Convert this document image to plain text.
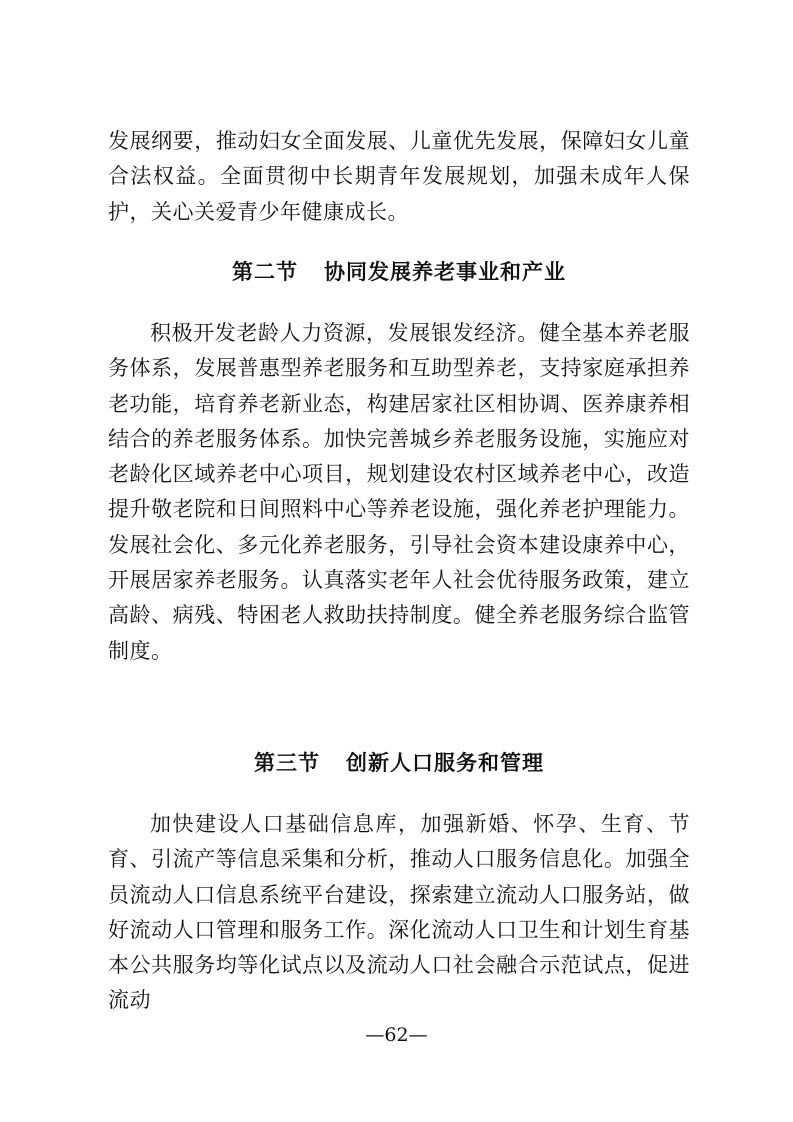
发展纲要，推动妇女全面发展、儿童优先发展，保障妇女儿童合法权益。全面贯彻中长期青年发展规划，加强未成年人保护，关心关爱青少年健康成长。

第二节 协同发展养老事业和产业

积极开发老龄人力资源，发展银发经济。健全基本养老服务体系，发展普惠型养老服务和互助型养老，支持家庭承担养老功能，培育养老新业态，构建居家社区相协调、医养康养相结合的养老服务体系。加快完善城乡养老服务设施，实施应对老龄化区域养老中心项目，规划建设农村区域养老中心，改造提升敬老院和日间照料中心等养老设施，强化养老护理能力。发展社会化、多元化养老服务，引导社会资本建设康养中心，开展居家养老服务。认真落实老年人社会优待服务政策，建立高龄、病残、特困老人救助扶持制度。健全养老服务综合监管制度。

第三节 创新人口服务和管理

加快建设人口基础信息库，加强新婚、怀孕、生育、节育、引流产等信息采集和分析，推动人口服务信息化。加强全员流动人口信息系统平台建设，探索建立流动人口服务站，做好流动人口管理和服务工作。深化流动人口卫生和计划生育基本公共服务均等化试点以及流动人口社会融合示范试点，促进流动

—62—
